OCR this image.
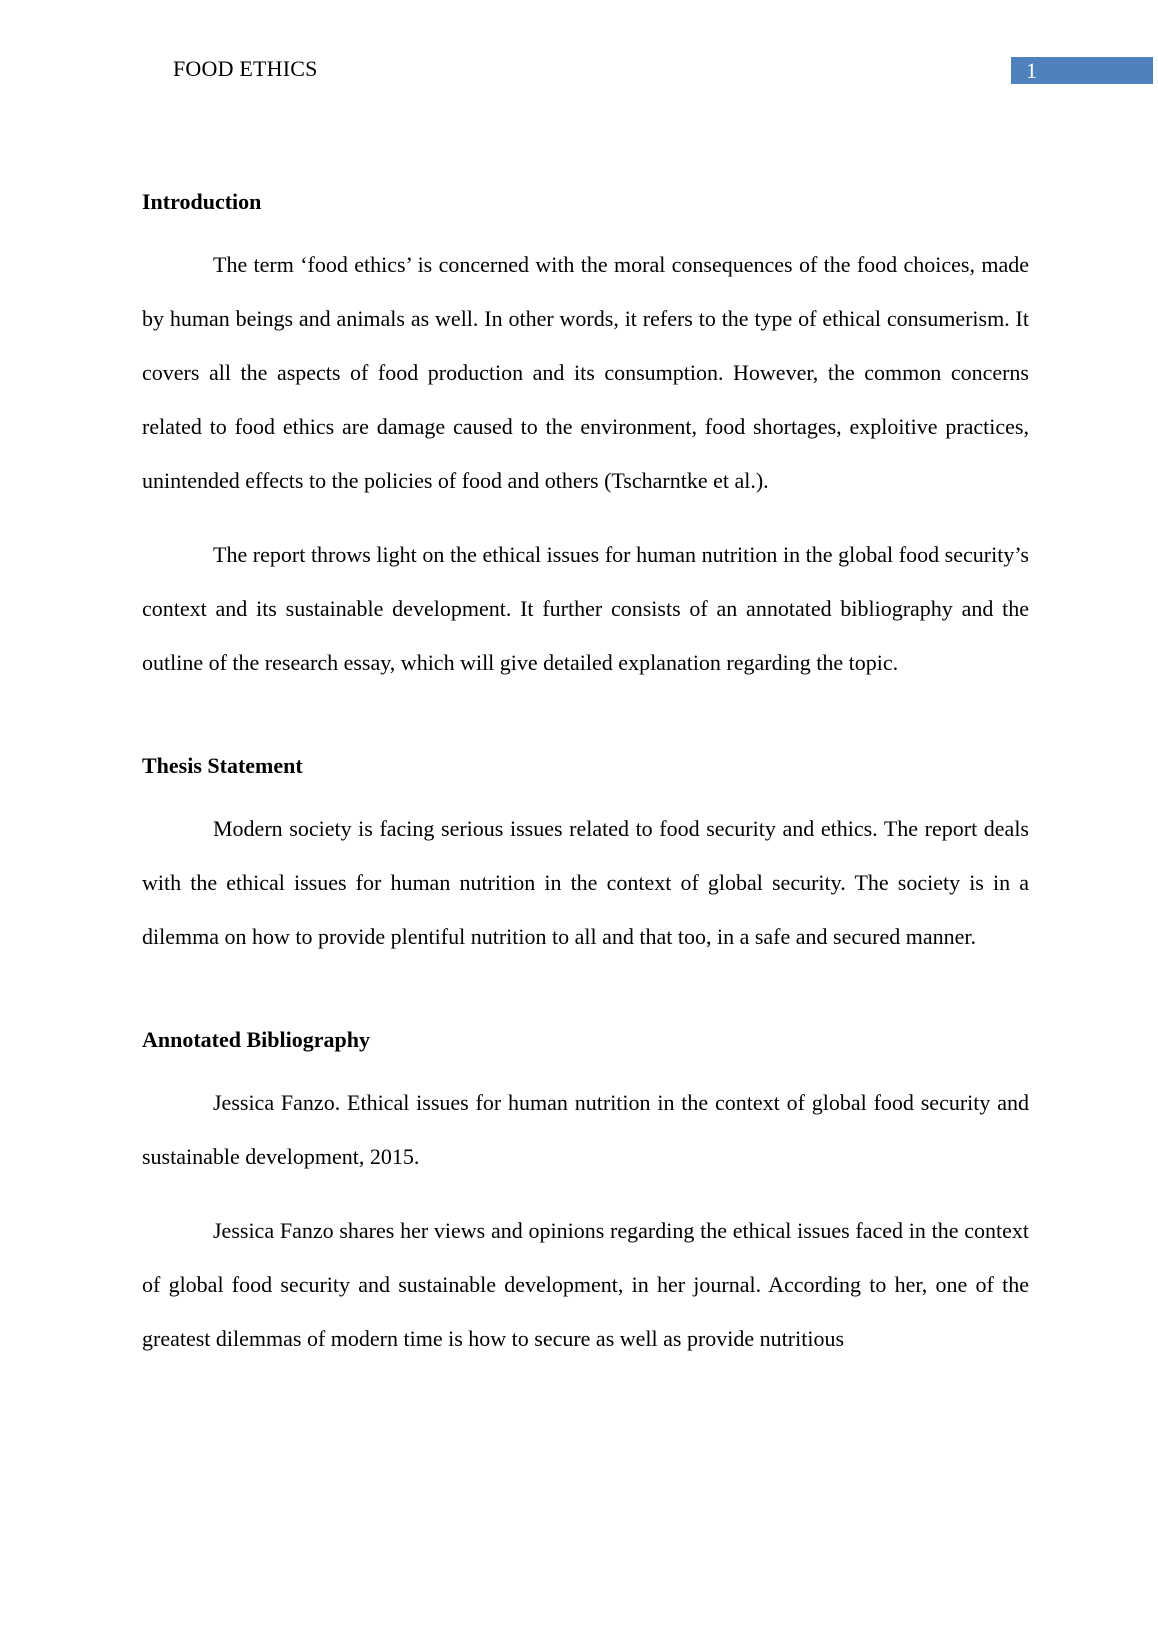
FOOD ETHICS	1

Introduction

The term ‘food ethics’ is concerned with the moral consequences of the food choices, made by human beings and animals as well. In other words, it refers to the type of ethical consumerism. It covers all the aspects of food production and its consumption. However, the common concerns related to food ethics are damage caused to the environment, food shortages, exploitive practices, unintended effects to the policies of food and others (Tscharntke et al.).

The report throws light on the ethical issues for human nutrition in the global food security’s context and its sustainable development. It further consists of an annotated bibliography and the outline of the research essay, which will give detailed explanation regarding the topic.

Thesis Statement

Modern society is facing serious issues related to food security and ethics. The report deals with the ethical issues for human nutrition in the context of global security. The society is in a dilemma on how to provide plentiful nutrition to all and that too, in a safe and secured manner.

Annotated Bibliography

Jessica Fanzo. Ethical issues for human nutrition in the context of global food security and sustainable development, 2015.

Jessica Fanzo shares her views and opinions regarding the ethical issues faced in the context of global food security and sustainable development, in her journal. According to her, one of the greatest dilemmas of modern time is how to secure as well as provide nutritious
